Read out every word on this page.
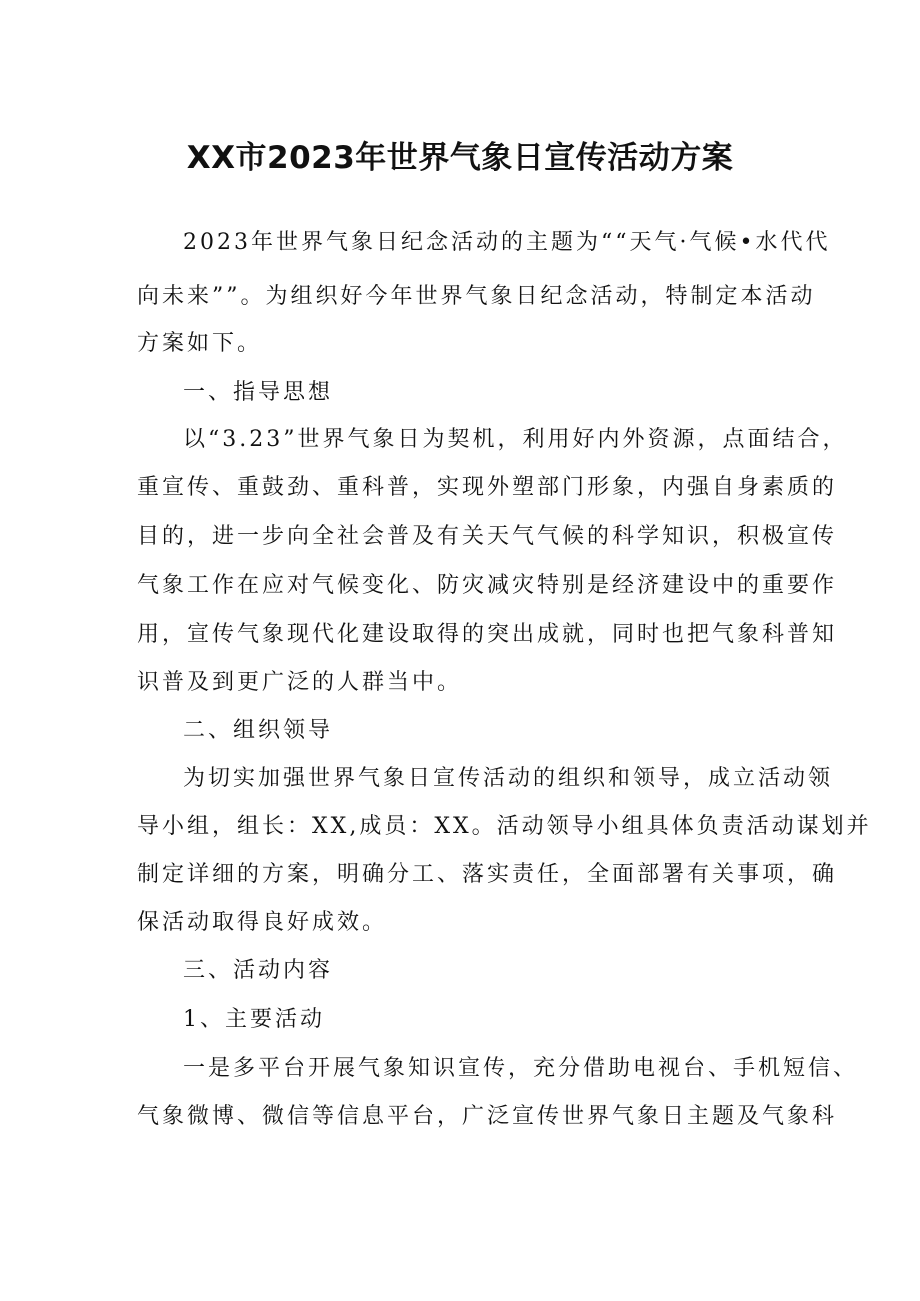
XX市2023年世界气象日宣传活动方案

2023年世界气象日纪念活动的主题为““天气·气候•水代代

向未来””。为组织好今年世界气象日纪念活动，特制定本活动

方案如下。

一、指导思想

以“3.23”世界气象日为契机，利用好内外资源，点面结合，

重宣传、重鼓劲、重科普，实现外塑部门形象，内强自身素质的

目的，进一步向全社会普及有关天气气候的科学知识，积极宣传

气象工作在应对气候变化、防灾减灾特别是经济建设中的重要作

用，宣传气象现代化建设取得的突出成就，同时也把气象科普知

识普及到更广泛的人群当中。

二、组织领导

为切实加强世界气象日宣传活动的组织和领导，成立活动领

导小组，组长：XX,成员：XX。活动领导小组具体负责活动谋划并

制定详细的方案，明确分工、落实责任，全面部署有关事项，确

保活动取得良好成效。

三、活动内容

1、主要活动

一是多平台开展气象知识宣传，充分借助电视台、手机短信、

气象微博、微信等信息平台，广泛宣传世界气象日主题及气象科
